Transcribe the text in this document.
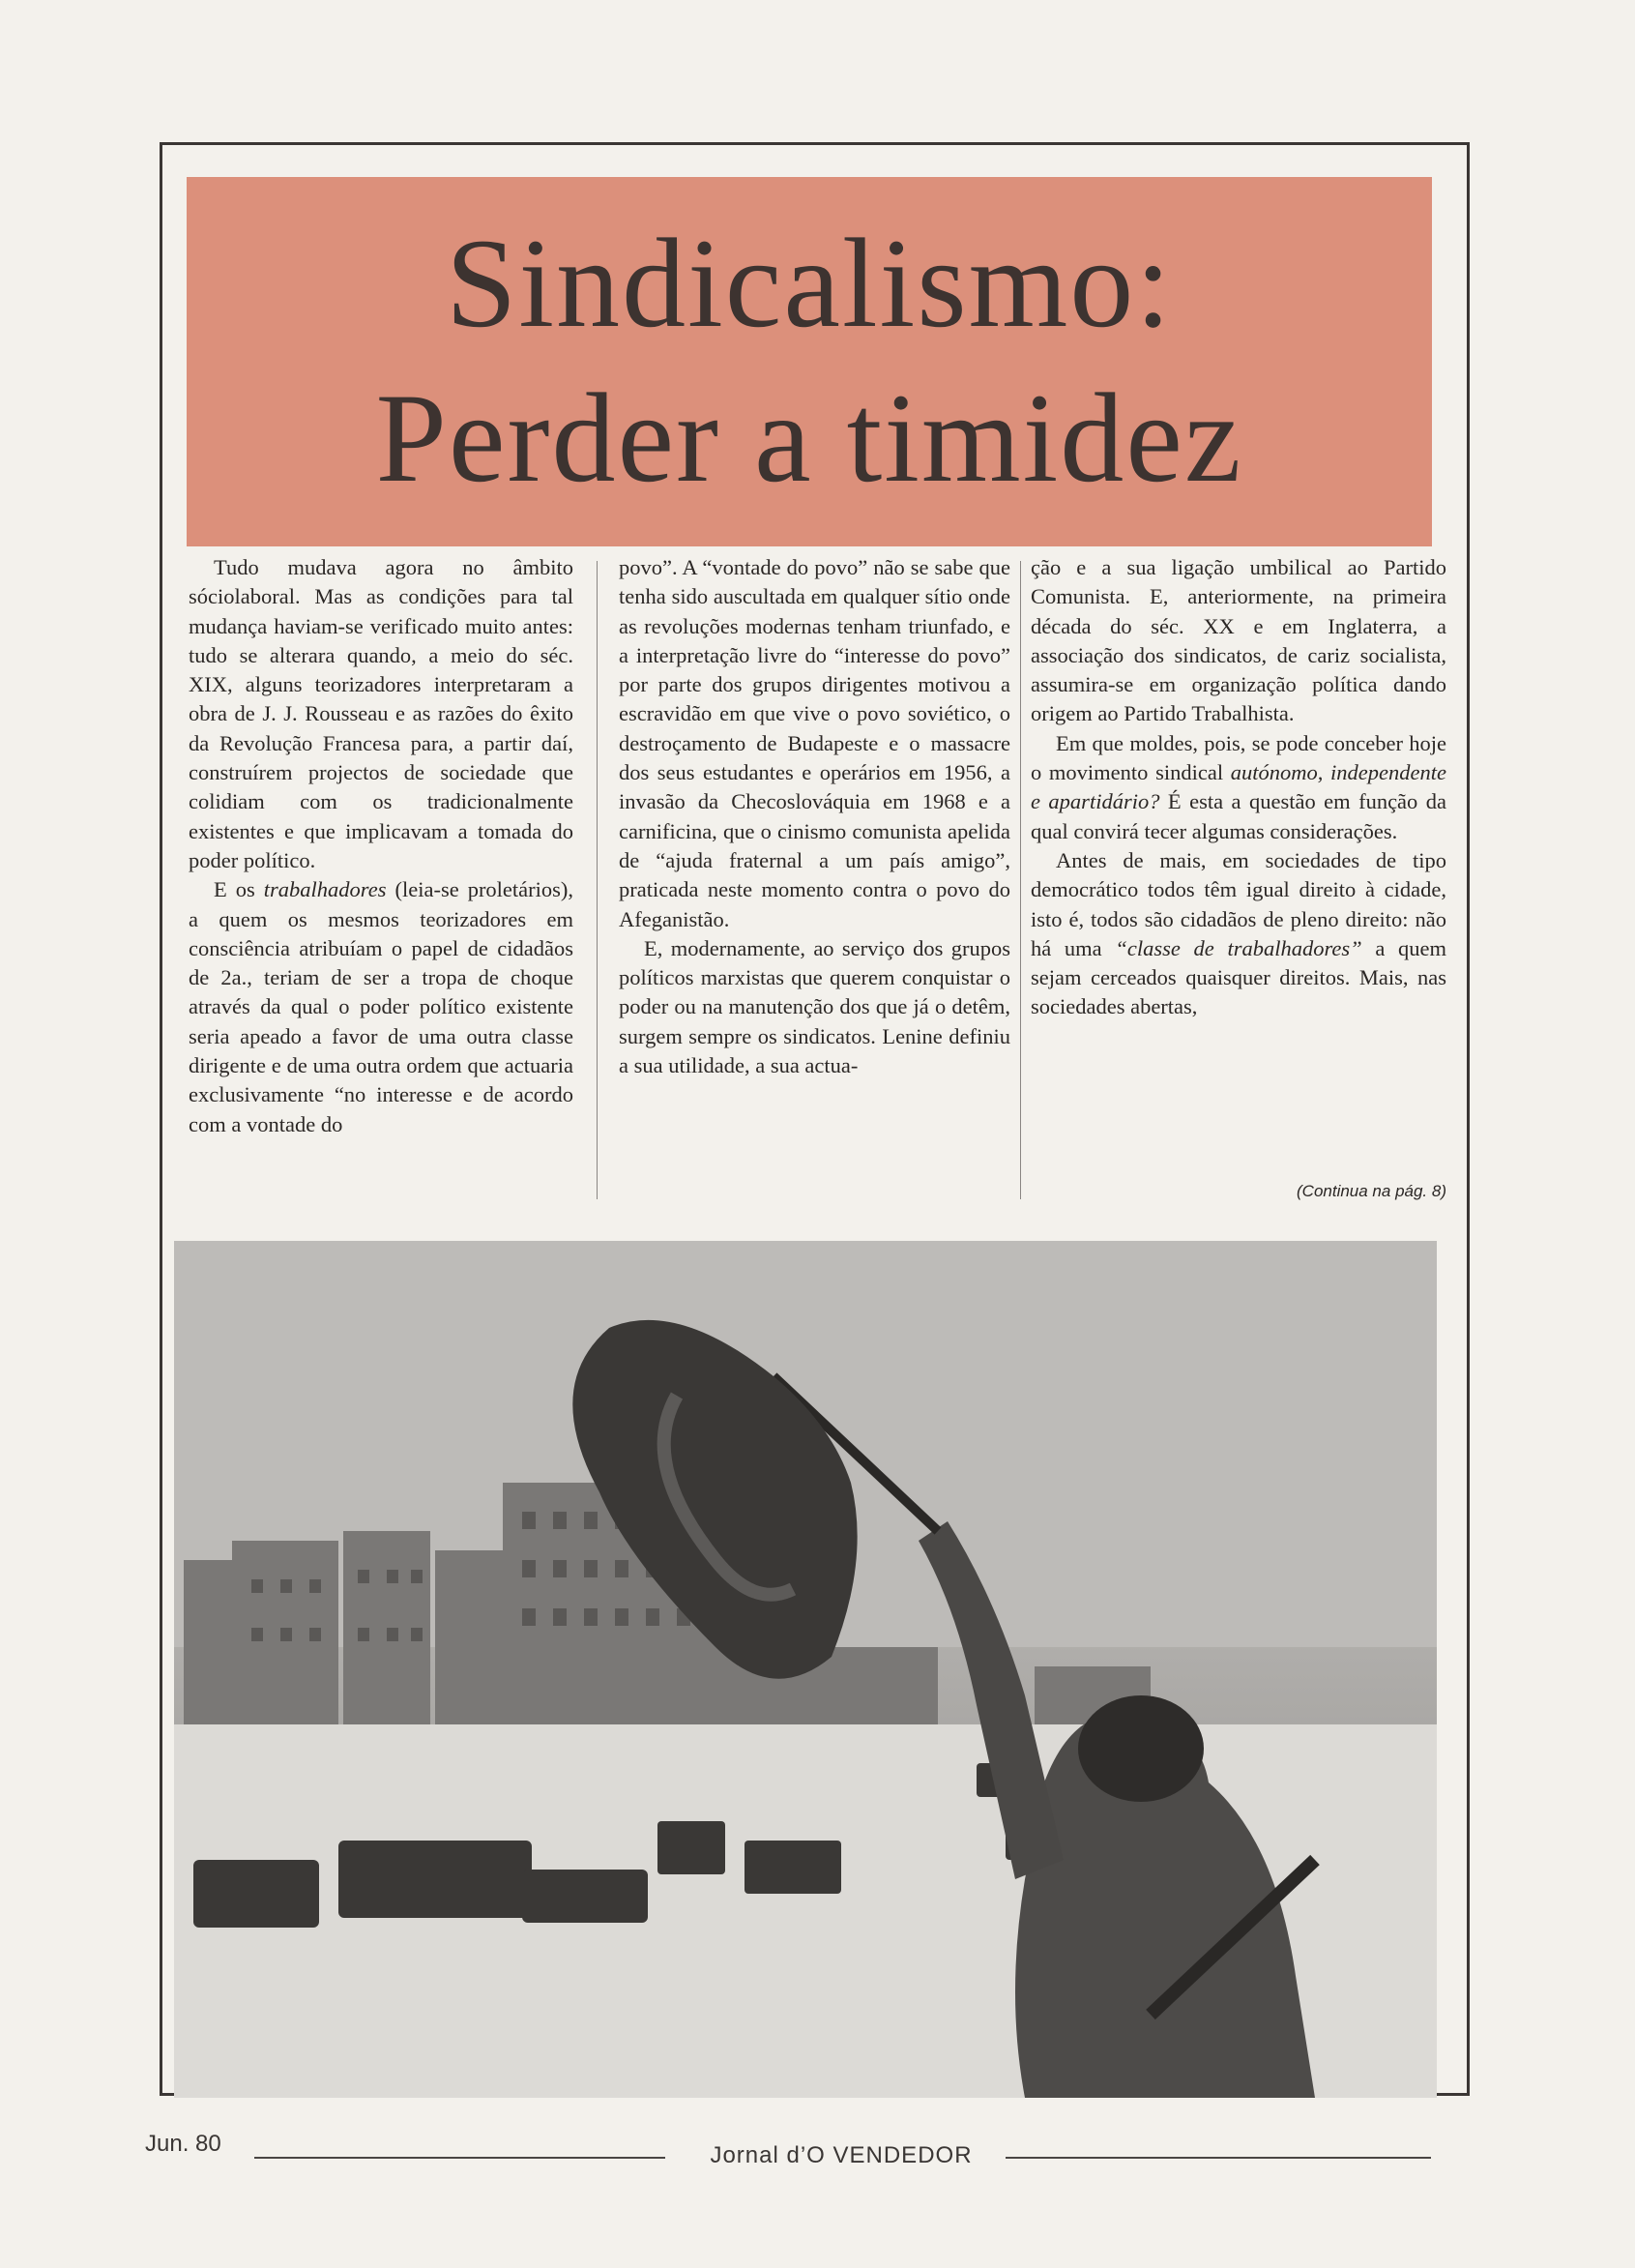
Sindicalismo:
Perder a timidez

Tudo mudava agora no âmbito sóciolaboral. Mas as condições para tal mudança haviam-se verificado muito antes: tudo se alterara quando, a meio do séc. XIX, alguns teorizadores interpretaram a obra de J. J. Rousseau e as razões do êxito da Revolução Francesa para, a partir daí, construírem projectos de sociedade que colidiam com os tradicionalmente existentes e que implicavam a tomada do poder político.

E os trabalhadores (leia-se proletários), a quem os mesmos teorizadores em consciência atribuíam o papel de cidadãos de 2a., teriam de ser a tropa de choque através da qual o poder político existente seria apeado a favor de uma outra classe dirigente e de uma outra ordem que actuaria exclusivamente “no interesse e de acordo com a vontade do

povo”. A “vontade do povo” não se sabe que tenha sido auscultada em qualquer sítio onde as revoluções modernas tenham triunfado, e a interpretação livre do “interesse do povo” por parte dos grupos dirigentes motivou a escravidão em que vive o povo soviético, o destroçamento de Budapeste e o massacre dos seus estudantes e operários em 1956, a invasão da Checoslováquia em 1968 e a carnificina, que o cinismo comunista apelida de “ajuda fraternal a um país amigo”, praticada neste momento contra o povo do Afeganistão.

E, modernamente, ao serviço dos grupos políticos marxistas que querem conquistar o poder ou na manutenção dos que já o detêm, surgem sempre os sindicatos. Lenine definiu a sua utilidade, a sua actua-

ção e a sua ligação umbilical ao Partido Comunista. E, anteriormente, na primeira década do séc. XX e em Inglaterra, a associação dos sindicatos, de cariz socialista, assumira-se em organização política dando origem ao Partido Trabalhista.

Em que moldes, pois, se pode conceber hoje o movimento sindical autónomo, independente e apartidário? É esta a questão em função da qual convirá tecer algumas considerações.

Antes de mais, em sociedades de tipo democrático todos têm igual direito à cidade, isto é, todos são cidadãos de pleno direito: não há uma “classe de trabalhadores” a quem sejam cerceados quaisquer direitos. Mais, nas sociedades abertas,

(Continua na pág. 8)
Jun. 80	Jornal d’O VENDEDOR
